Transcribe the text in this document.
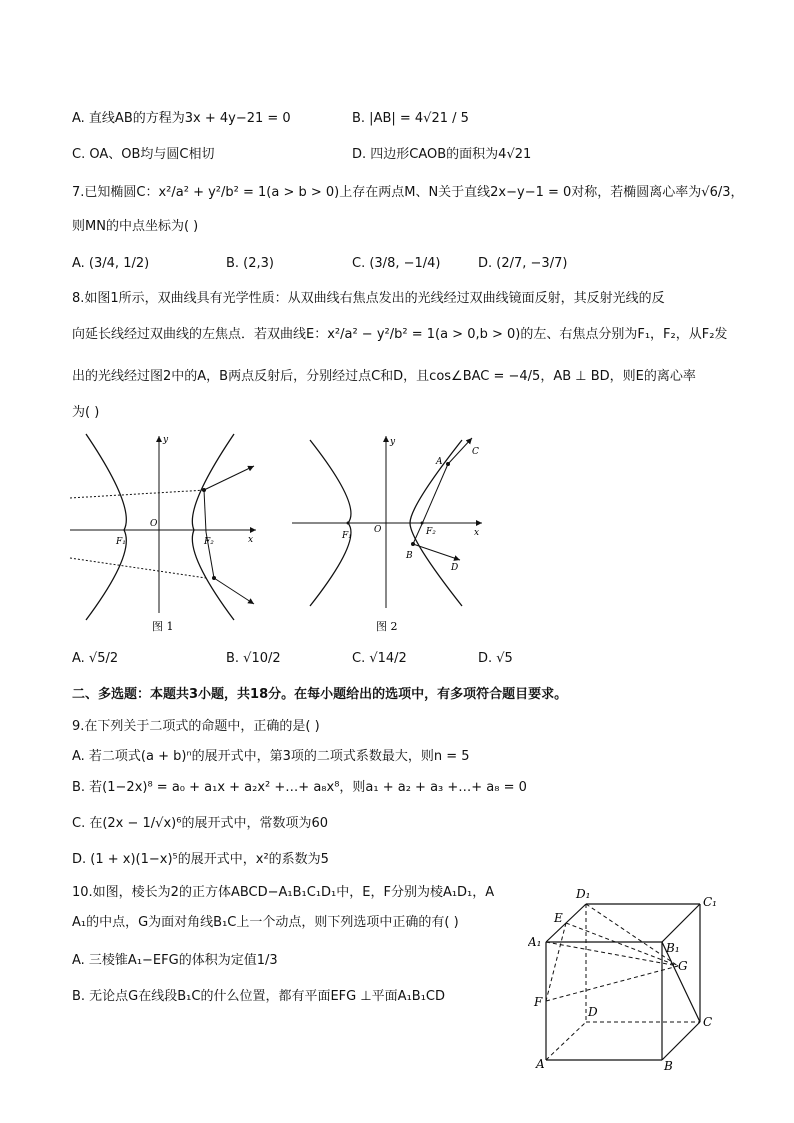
A. 直线AB的方程为3x + 4y−21 = 0	B. |AB| = 4√21 / 5
C. OA、OB均与圆C相切	D. 四边形CAOB的面积为4√21
7.已知椭圆C：x²/a² + y²/b² = 1(a > b > 0)上存在两点M、N关于直线2x−y−1 = 0对称，若椭圆离心率为√6/3，
则MN的中点坐标为( )
A. (3/4, 1/2)	B. (2,3)	C. (3/8, −1/4)	D. (2/7, −3/7)
8.如图1所示，双曲线具有光学性质：从双曲线右焦点发出的光线经过双曲线镜面反射，其反射光线的反
向延长线经过双曲线的左焦点．若双曲线E：x²/a² − y²/b² = 1(a > 0,b > 0)的左、右焦点分别为F₁，F₂，从F₂发
出的光线经过图2中的A，B两点反射后，分别经过点C和D，且cos∠BAC = −4/5，AB ⊥ BD，则E的离心率
为( )
y
x
O
F₁	F₂
图 1
y
x
O
F₁	F₂
A
C
B
D
图 2
A. √5/2	B. √10/2	C. √14/2	D. √5
二、多选题：本题共3小题，共18分。在每小题给出的选项中，有多项符合题目要求。
9.在下列关于二项式的命题中，正确的是( )
A. 若二项式(a + b)ⁿ的展开式中，第3项的二项式系数最大，则n = 5
B. 若(1−2x)⁸ = a₀ + a₁x + a₂x² +…+ a₈x⁸，则a₁ + a₂ + a₃ +…+ a₈ = 0
C. 在(2x − 1/√x)⁶的展开式中，常数项为60
D. (1 + x)(1−x)⁵的展开式中，x²的系数为5
10.如图，棱长为2的正方体ABCD−A₁B₁C₁D₁中，E，F分别为棱A₁D₁，A
A₁的中点，G为面对角线B₁C上一个动点，则下列选项中正确的有( )
A. 三棱锥A₁−EFG的体积为定值1/3
B. 无论点G在线段B₁C的什么位置，都有平面EFG ⊥平面A₁B₁CD
D₁
C₁
E
A₁	B₁
G
F
D
C
A	B
